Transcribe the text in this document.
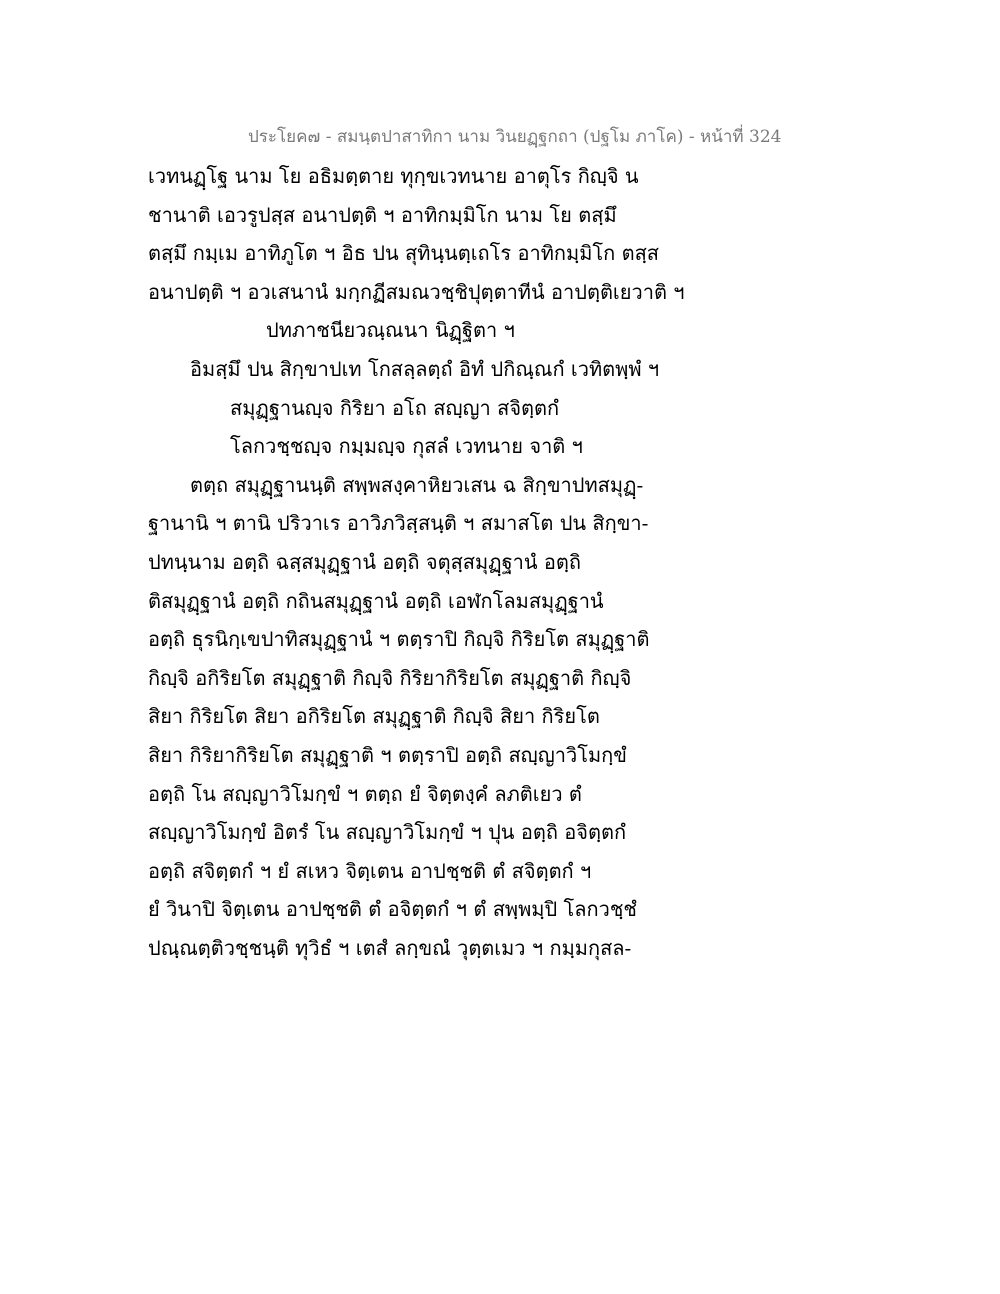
ประโยค๗ - สมนฺตปาสาทิกา นาม วินยฏฺฐกถา (ปฐโม ภาโค) - หน้าที่ 324
เวทนฏฺโฐ นาม โย อธิมตฺตาย ทุกฺขเวทนาย อาตุโร กิญฺจิ น
ชานาติ เอวรูปสฺส อนาปตฺติ ฯ อาทิกมฺมิโก นาม โย ตสฺมึ
ตสฺมึ กมฺเม อาทิภูโต ฯ อิธ ปน สุทินฺนตฺเถโร อาทิกมฺมิโก ตสฺส
อนาปตฺติ ฯ อวเสนานํ มกฺกฏีสมณวชฺชิปุตฺตาทีนํ อาปตฺติเยวาติ ฯ
ปทภาชนียวณฺณนา นิฏฺฐิตา ฯ
อิมสฺมึ ปน สิกฺขาปเท โกสลฺลตฺถํ อิทํ ปกิณฺณกํ เวทิตพฺพํ ฯ
สมุฏฺฐานญฺจ กิริยา อโถ สญฺญา สจิตฺตกํ
โลกวชฺชญฺจ กมฺมญฺจ กุสลํ เวทนาย จาติ ฯ
ตตฺถ สมุฏฺฐานนฺติ สพฺพสงฺคาหิยวเสน ฉ สิกฺขาปทสมุฏฺ-
ฐานานิ ฯ ตานิ ปริวาเร อาวิภวิสฺสนฺติ ฯ สมาสโต ปน สิกฺขา-
ปทนฺนาม อตฺถิ ฉสฺสมุฏฺฐานํ อตฺถิ จตุสฺสมุฏฺฐานํ อตฺถิ
ติสมุฏฺฐานํ อตฺถิ กถินสมุฏฺฐานํ อตฺถิ เอฬกโลมสมุฏฺฐานํ
อตฺถิ ธุรนิกฺเขปาทิสมุฏฺฐานํ ฯ ตตฺราปิ กิญฺจิ กิริยโต สมุฏฺฐาติ
กิญฺจิ อกิริยโต สมุฏฺฐาติ กิญฺจิ กิริยากิริยโต สมุฏฺฐาติ กิญฺจิ
สิยา กิริยโต สิยา อกิริยโต สมุฏฺฐาติ กิญฺจิ สิยา กิริยโต
สิยา กิริยากิริยโต สมุฏฺฐาติ ฯ ตตฺราปิ อตฺถิ สญฺญาวิโมกฺขํ
อตฺถิ โน สญฺญาวิโมกฺขํ ฯ ตตฺถ ยํ จิตฺตงฺคํ ลภติเยว ตํ
สญฺญาวิโมกฺขํ อิตรํ โน สญฺญาวิโมกฺขํ ฯ ปุน อตฺถิ อจิตฺตกํ
อตฺถิ สจิตฺตกํ ฯ ยํ สเหว จิตฺเตน อาปชฺชติ ตํ สจิตฺตกํ ฯ
ยํ วินาปิ จิตฺเตน อาปชฺชติ ตํ อจิตฺตกํ ฯ ตํ สพฺพมฺปิ โลกวชฺชํ
ปณฺณตฺติวชฺชนฺติ ทุวิธํ ฯ เตสํ ลกฺขณํ วุตฺตเมว ฯ กมฺมกุสล-
